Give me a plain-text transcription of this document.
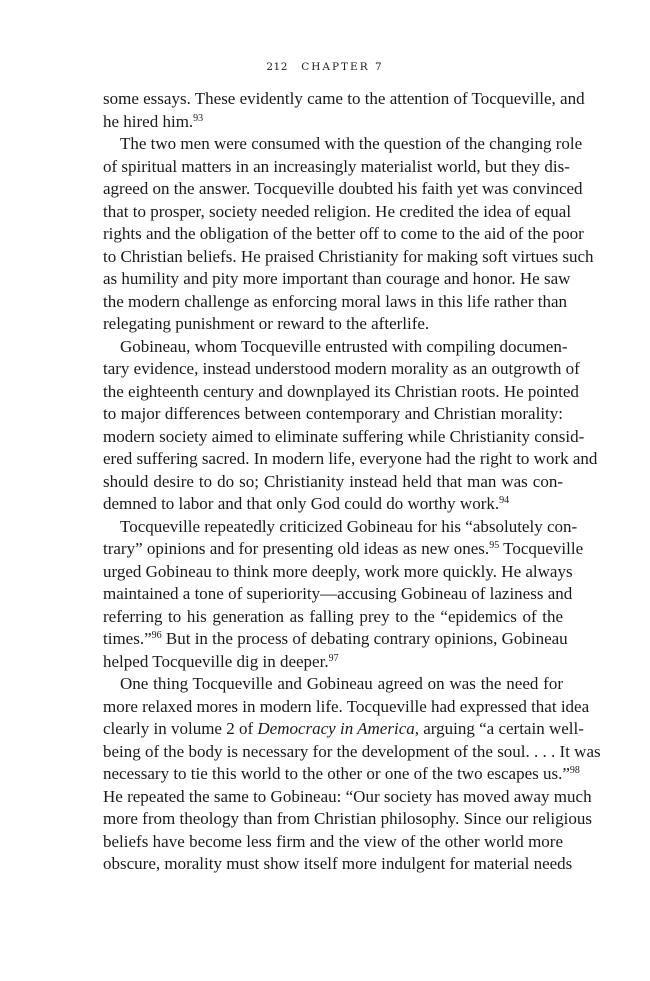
212 CHAPTER 7
some essays. These evidently came to the attention of Tocqueville, and
he hired him.$^{93}$
The two men were consumed with the question of the changing role
of spiritual matters in an increasingly materialist world, but they dis-
agreed on the answer. Tocqueville doubted his faith yet was convinced
that to prosper, society needed religion. He credited the idea of equal
rights and the obligation of the better off to come to the aid of the poor
to Christian beliefs. He praised Christianity for making soft virtues such
as humility and pity more important than courage and honor. He saw
the modern challenge as enforcing moral laws in this life rather than
relegating punishment or reward to the afterlife.
Gobineau, whom Tocqueville entrusted with compiling documen-
tary evidence, instead understood modern morality as an outgrowth of
the eighteenth century and downplayed its Christian roots. He pointed
to major differences between contemporary and Christian morality:
modern society aimed to eliminate suffering while Christianity consid-
ered suffering sacred. In modern life, everyone had the right to work and
should desire to do so; Christianity instead held that man was con-
demned to labor and that only God could do worthy work.$^{94}$
Tocqueville repeatedly criticized Gobineau for his “absolutely con-
trary” opinions and for presenting old ideas as new ones.$^{95}$ Tocqueville
urged Gobineau to think more deeply, work more quickly. He always
maintained a tone of superiority—accusing Gobineau of laziness and
referring to his generation as falling prey to the “epidemics of the
times.”$^{96}$ But in the process of debating contrary opinions, Gobineau
helped Tocqueville dig in deeper.$^{97}$
One thing Tocqueville and Gobineau agreed on was the need for
more relaxed mores in modern life. Tocqueville had expressed that idea
clearly in volume 2 of Democracy in America, arguing “a certain well-
being of the body is necessary for the development of the soul. . . . It was
necessary to tie this world to the other or one of the two escapes us.”$^{98}$
He repeated the same to Gobineau: “Our society has moved away much
more from theology than from Christian philosophy. Since our religious
beliefs have become less firm and the view of the other world more
obscure, morality must show itself more indulgent for material needs
